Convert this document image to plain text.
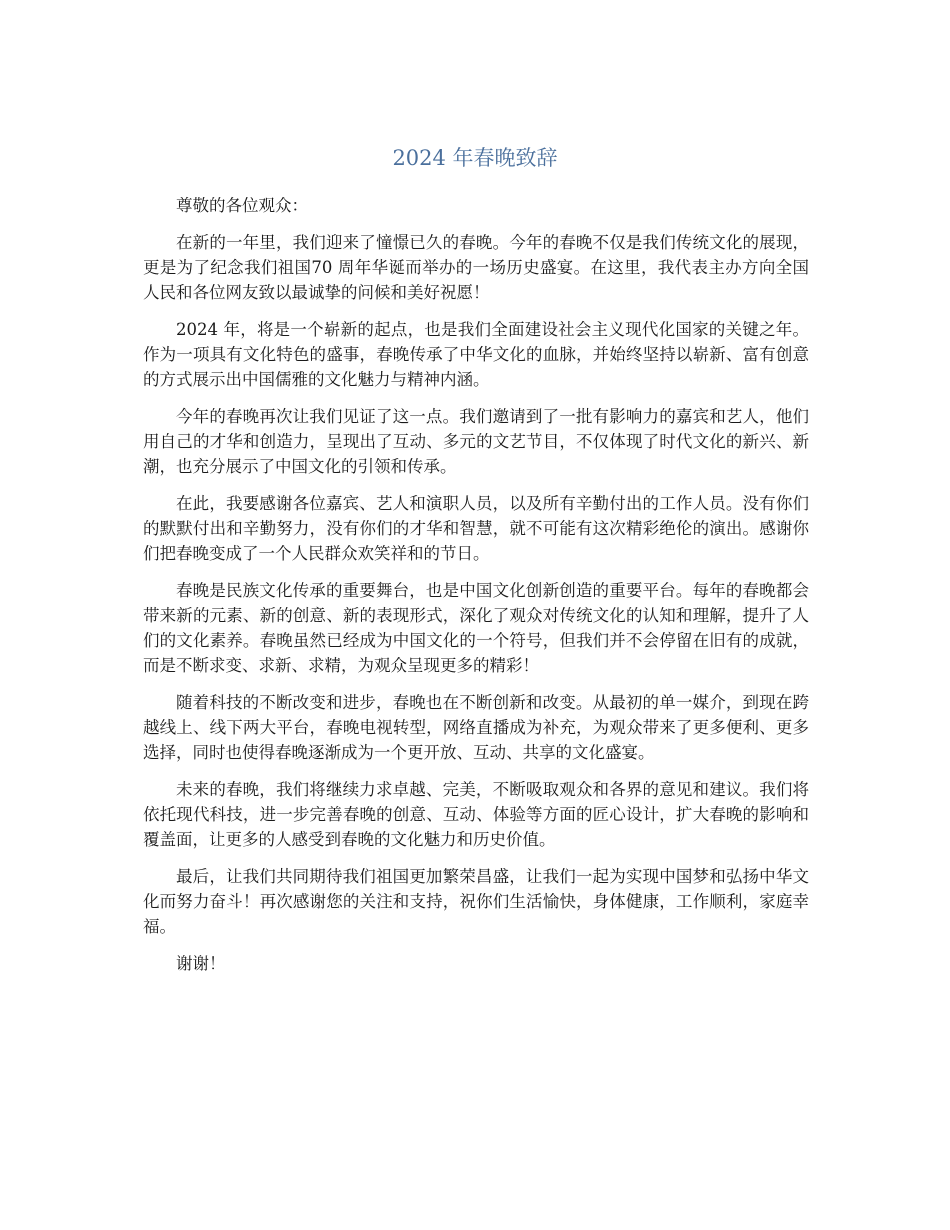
2024 年春晚致辞

尊敬的各位观众：

在新的一年里，我们迎来了憧憬已久的春晚。今年的春晚不仅是我们传统文化的展现，更是为了纪念我们祖国70 周年华诞而举办的一场历史盛宴。在这里，我代表主办方向全国人民和各位网友致以最诚挚的问候和美好祝愿！

2024 年，将是一个崭新的起点，也是我们全面建设社会主义现代化国家的关键之年。作为一项具有文化特色的盛事，春晚传承了中华文化的血脉，并始终坚持以崭新、富有创意的方式展示出中国儒雅的文化魅力与精神内涵。

今年的春晚再次让我们见证了这一点。我们邀请到了一批有影响力的嘉宾和艺人，他们用自己的才华和创造力，呈现出了互动、多元的文艺节目，不仅体现了时代文化的新兴、新潮，也充分展示了中国文化的引领和传承。

在此，我要感谢各位嘉宾、艺人和演职人员，以及所有辛勤付出的工作人员。没有你们的默默付出和辛勤努力，没有你们的才华和智慧，就不可能有这次精彩绝伦的演出。感谢你们把春晚变成了一个人民群众欢笑祥和的节日。

春晚是民族文化传承的重要舞台，也是中国文化创新创造的重要平台。每年的春晚都会带来新的元素、新的创意、新的表现形式，深化了观众对传统文化的认知和理解，提升了人们的文化素养。春晚虽然已经成为中国文化的一个符号，但我们并不会停留在旧有的成就，而是不断求变、求新、求精，为观众呈现更多的精彩！

随着科技的不断改变和进步，春晚也在不断创新和改变。从最初的单一媒介，到现在跨越线上、线下两大平台，春晚电视转型，网络直播成为补充，为观众带来了更多便利、更多选择，同时也使得春晚逐渐成为一个更开放、互动、共享的文化盛宴。

未来的春晚，我们将继续力求卓越、完美，不断吸取观众和各界的意见和建议。我们将依托现代科技，进一步完善春晚的创意、互动、体验等方面的匠心设计，扩大春晚的影响和覆盖面，让更多的人感受到春晚的文化魅力和历史价值。

最后，让我们共同期待我们祖国更加繁荣昌盛，让我们一起为实现中国梦和弘扬中华文化而努力奋斗！再次感谢您的关注和支持，祝你们生活愉快，身体健康，工作顺利，家庭幸福。

谢谢！
